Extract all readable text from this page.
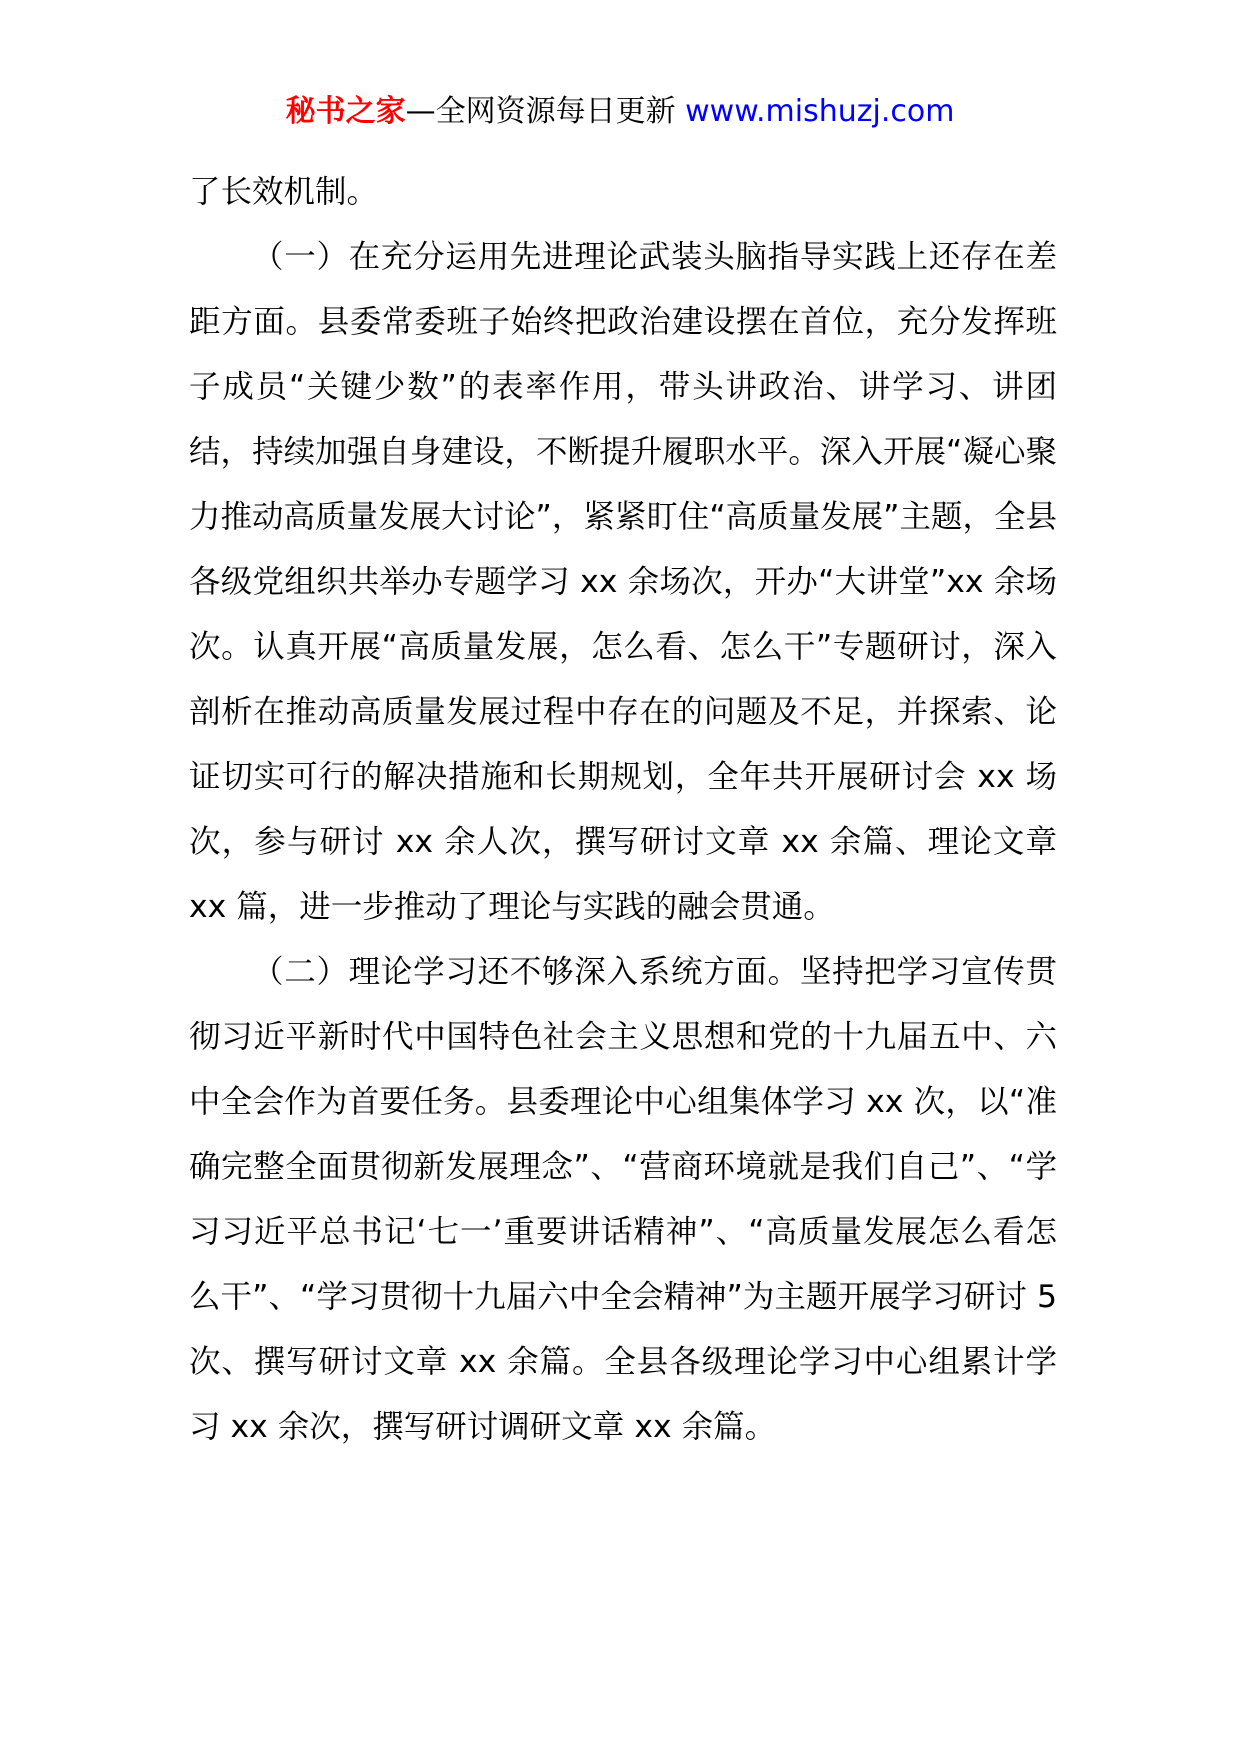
秘书之家—全网资源每日更新 www.mishuzj.com

了长效机制。

（一）在充分运用先进理论武装头脑指导实践上还存在差距方面。县委常委班子始终把政治建设摆在首位，充分发挥班子成员“关键少数”的表率作用，带头讲政治、讲学习、讲团结，持续加强自身建设，不断提升履职水平。深入开展“凝心聚力推动高质量发展大讨论”，紧紧盯住“高质量发展”主题，全县各级党组织共举办专题学习 xx 余场次，开办“大讲堂”xx 余场次。认真开展“高质量发展，怎么看、怎么干”专题研讨，深入剖析在推动高质量发展过程中存在的问题及不足，并探索、论证切实可行的解决措施和长期规划，全年共开展研讨会 xx 场次，参与研讨 xx 余人次，撰写研讨文章 xx 余篇、理论文章 xx 篇，进一步推动了理论与实践的融会贯通。

（二）理论学习还不够深入系统方面。坚持把学习宣传贯彻习近平新时代中国特色社会主义思想和党的十九届五中、六中全会作为首要任务。县委理论中心组集体学习 xx 次，以“准确完整全面贯彻新发展理念”、“营商环境就是我们自己”、“学习习近平总书记‘七一’重要讲话精神”、“高质量发展怎么看怎么干”、“学习贯彻十九届六中全会精神”为主题开展学习研讨 5 次、撰写研讨文章 xx 余篇。全县各级理论学习中心组累计学习 xx 余次，撰写研讨调研文章 xx 余篇。
